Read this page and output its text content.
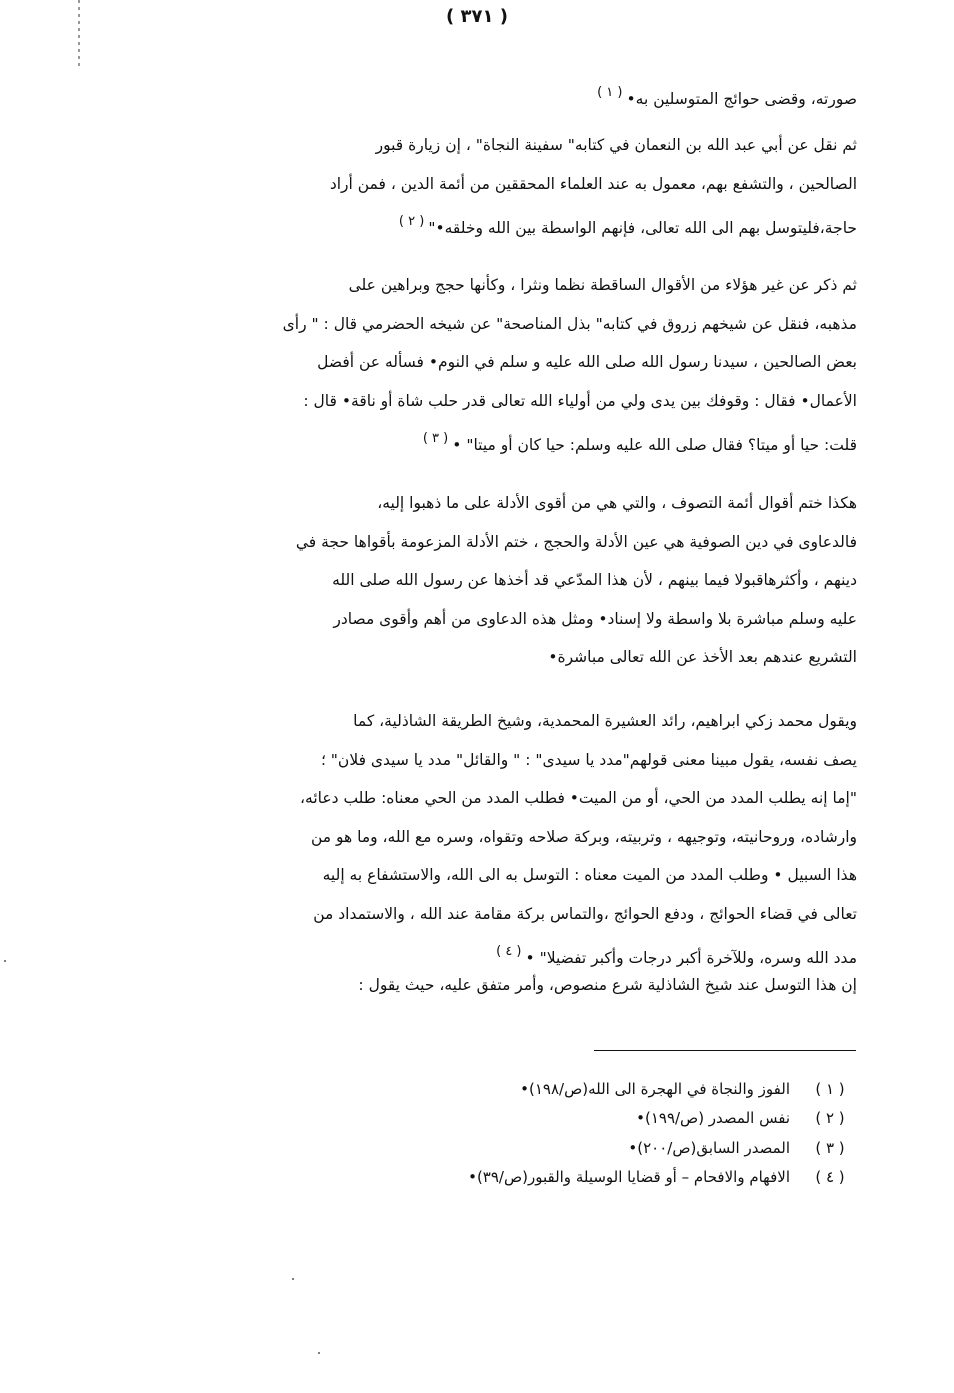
( ٣٧١ )
صورته، وقضى حوائج المتوسلين به•$^{( ١ )}$
ثم نقل عن أبي عبد الله بن النعمان في كتابه" سفينة النجاة" ، إن زيارة قبور
الصالحين ، والتشفع بهم، معمول به عند العلماء المحققين من أئمة الدين ، فمن أراد
حاجة،فليتوسل بهم الى الله تعالى، فإنهم الواسطة بين الله وخلقه•"$^{( ٢ )}$
ثم ذكر عن غير هؤلاء من الأقوال الساقطة نظما ونثرا ، وكأنها حجج وبراهين على
مذهبه، فنقل عن شيخهم زروق في كتابه" بذل المناصحة" عن شيخه الحضرمي قال : " رأى
بعض الصالحين ، سيدنا رسول الله صلى الله عليه و سلم في النوم• فسأله عن أفضل
الأعمال• فقال : وقوفك بين يدى ولي من أولياء الله تعالى قدر حلب شاة أو ناقة• قال :
قلت: حيا أو ميتا؟ فقال صلى الله عليه وسلم: حيا كان أو ميتا" •$^{( ٣ )}$
هكذا ختم أقوال أئمة التصوف ، والتي هي من أقوى الأدلة على ما ذهبوا إليه،
فالدعاوى في دين الصوفية هي عين الأدلة والحجج ، ختم الأدلة المزعومة بأقواها حجة في
دينهم ، وأكثرهاقبولا فيما بينهم ، لأن هذا المدّعي قد أخذها عن رسول الله صلى الله
عليه وسلم مباشرة بلا واسطة ولا إسناد• ومثل هذه الدعاوى من أهم وأقوى مصادر
التشريع عندهم بعد الأخذ عن الله تعالى مباشرة•
ويقول محمد زكي ابراهيم، رائد العشيرة المحمدية، وشيخ الطريقة الشاذلية، كما
يصف نفسه، يقول مبينا معنى قولهم"مدد يا سيدى" : " والقائل" مدد يا سيدى فلان" ؛
"إما إنه يطلب المدد من الحي، أو من الميت• فطلب المدد من الحي معناه: طلب دعائه،
وارشاده، وروحانيته، وتوجيهه ، وتربيته، وبركة صلاحه وتقواه، وسره مع الله، وما هو من
هذا السبيل • وطلب المدد من الميت معناه : التوسل به الى الله، والاستشفاع به إليه
تعالى في قضاء الحوائج ، ودفع الحوائج ،والتماس بركة مقامة عند الله ، والاستمداد من
مدد الله وسره، وللآخرة أكبر درجات وأكبر تفضيلا" •$^{( ٤ )}$
إن هذا التوسل عند شيخ الشاذلية شرع منصوص، وأمر متفق عليه، حيث يقول :
( ١ )
الفوز والنجاة في الهجرة الى الله(ص/١٩٨)•
( ٢ )
نفس المصدر (ص/١٩٩)•
( ٣ )
المصدر السابق(ص/٢٠٠)•
( ٤ )
الافهام والافحام – أو قضايا الوسيلة والقبور(ص/٣٩)•
